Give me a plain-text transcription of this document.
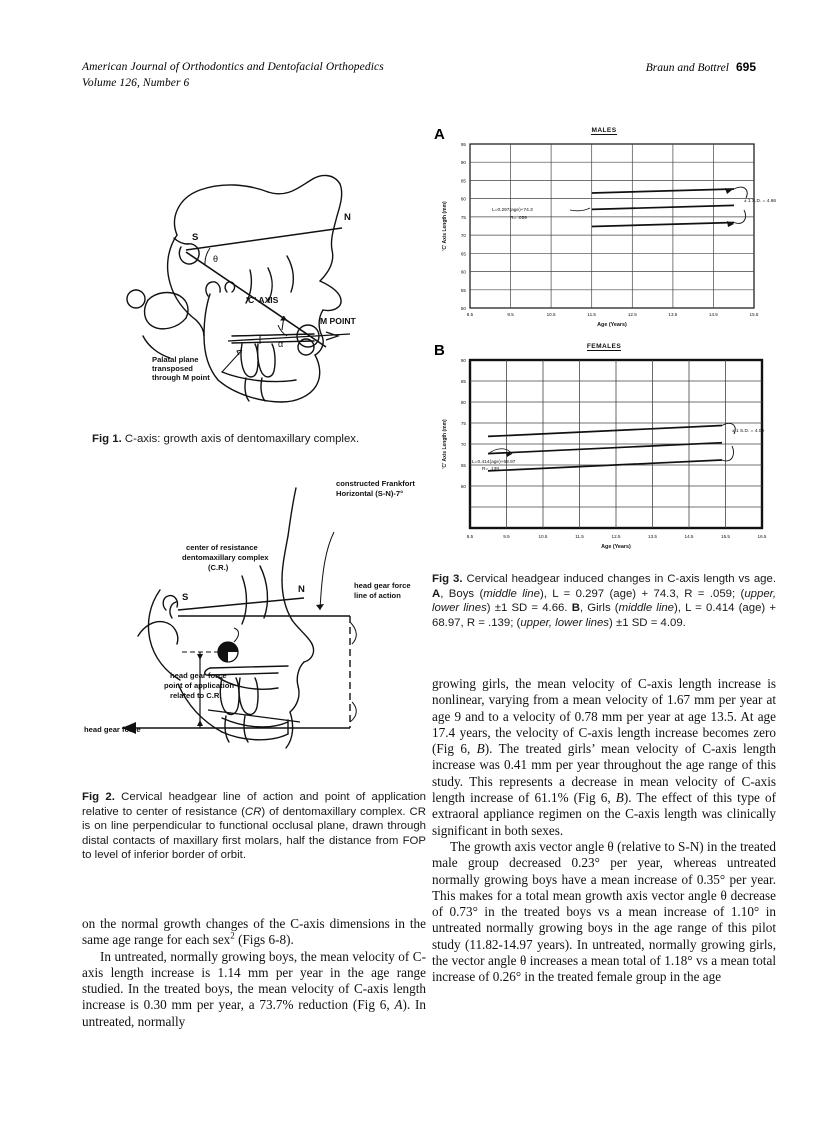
American Journal of Orthodontics and Dentofacial Orthopedics
Volume 126, Number 6
Braun and Bottrel 695
S
N
θ
α
'C' AXIS
M POINT
Palatal plane
transposed
through M point
Fig 1. C-axis: growth axis of dentomaxillary complex.
S
N
constructed Frankfort
Horizontal (S-N)-7°
center of resistance
dentomaxillary complex
(C.R.)
head gear force
line of action
head gear force
point of application
related to C.R.
head gear force
Fig 2. Cervical headgear line of action and point of application relative to center of resistance (CR) of dentomaxillary complex. CR is on line perpendicular to functional occlusal plane, drawn through distal contacts of maxillary first molars, half the distance from FOP to level of inferior border of orbit.
A	MALES
95
90
85
80
75
70
65
60
55
50
8.5	9.5	10.5	11.5	12.5	13.5	14.5	15.5
Age (Years)
'C' Axis Length (mm)	L=0.297(age)+74.3
R= .059
± 1 S.D. = 4.66
B	FEMALES
90
85
80
75
70
65
60
8.5	9.5	10.5	11.5	12.5	13.5	14.5	15.5	16.5
Age (Years)
'C' Axis Length (mm)	L=0.414(age)+68.97
R= .139
± 1 S.D. = 4.09
Fig 3. Cervical headgear induced changes in C-axis length vs age. A, Boys (middle line), L = 0.297 (age) + 74.3, R = .059; (upper, lower lines) ±1 SD = 4.66. B, Girls (middle line), L = 0.414 (age) + 68.97, R = .139; (upper, lower lines) ±1 SD = 4.09.

on the normal growth changes of the C-axis dimensions in the same age range for each sex$^2$ (Figs 6-8).

In untreated, normally growing boys, the mean velocity of C-axis length increase is 1.14 mm per year in the age range studied. In the treated boys, the mean velocity of C-axis length increase is 0.30 mm per year, a 73.7% reduction (Fig 6, A). In untreated, normally

growing girls, the mean velocity of C-axis length increase is nonlinear, varying from a mean velocity of 1.67 mm per year at age 9 and to a velocity of 0.78 mm per year at age 13.5. At age 17.4 years, the velocity of C-axis length increase becomes zero (Fig 6, B). The treated girls’ mean velocity of C-axis length increase was 0.41 mm per year throughout the age range of this study. This represents a decrease in mean velocity of C-axis length increase of 61.1% (Fig 6, B). The effect of this type of extraoral appliance regimen on the C-axis length was clinically significant in both sexes.

The growth axis vector angle θ (relative to S-N) in the treated male group decreased 0.23° per year, whereas untreated normally growing boys have a mean increase of 0.35° per year. This makes for a total mean growth axis vector angle θ decrease of 0.73° in the treated boys vs a mean increase of 1.10° in untreated normally growing boys in the age range of this pilot study (11.82-14.97 years). In untreated, normally growing girls, the vector angle θ increases a mean total of 1.18° vs a mean total increase of 0.26° in the treated female group in the age
